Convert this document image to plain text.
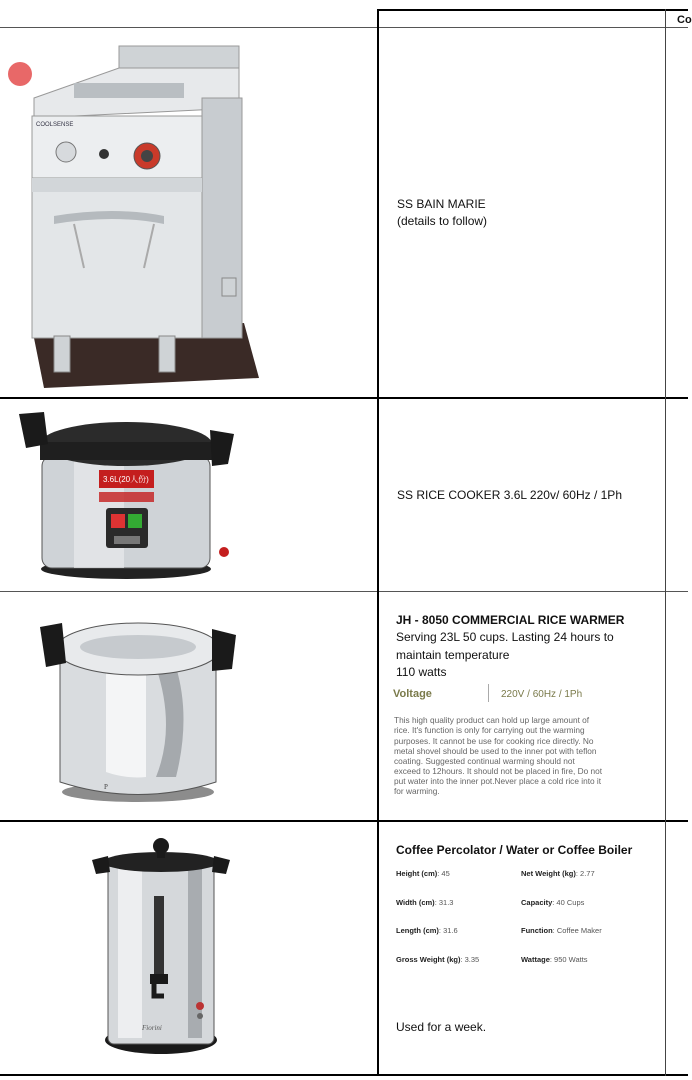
Co
COOLSENSE
SS BAIN MARIE
(details to follow)
3.6L(20人份)
SS RICE COOKER 3.6L 220v/ 60Hz / 1Ph
P
JH - 8050 COMMERCIAL RICE WARMER
Serving 23L 50 cups. Lasting 24 hours to
maintain temperature
110 watts
Voltage	220V / 60Hz / 1Ph
This high quality product can hold up large amount of
rice. It's function is only for carrying out the warming
purposes. It cannot be use for cooking rice directly. No
metal shovel should be used to the inner pot with teflon
coating. Suggested continual warming should not
exceed to 12hours. It should not be placed in fire, Do not
put water into the inner pot.Never place a cold rice into it
for warming.
Fiorini
Coffee Percolator / Water or Coffee Boiler
Height (cm): 45	Net Weight (kg): 2.77
Width (cm): 31.3	Capacity: 40 Cups
Length (cm): 31.6	Function: Coffee Maker
Gross Weight (kg): 3.35	Wattage: 950 Watts
Used for a week.
